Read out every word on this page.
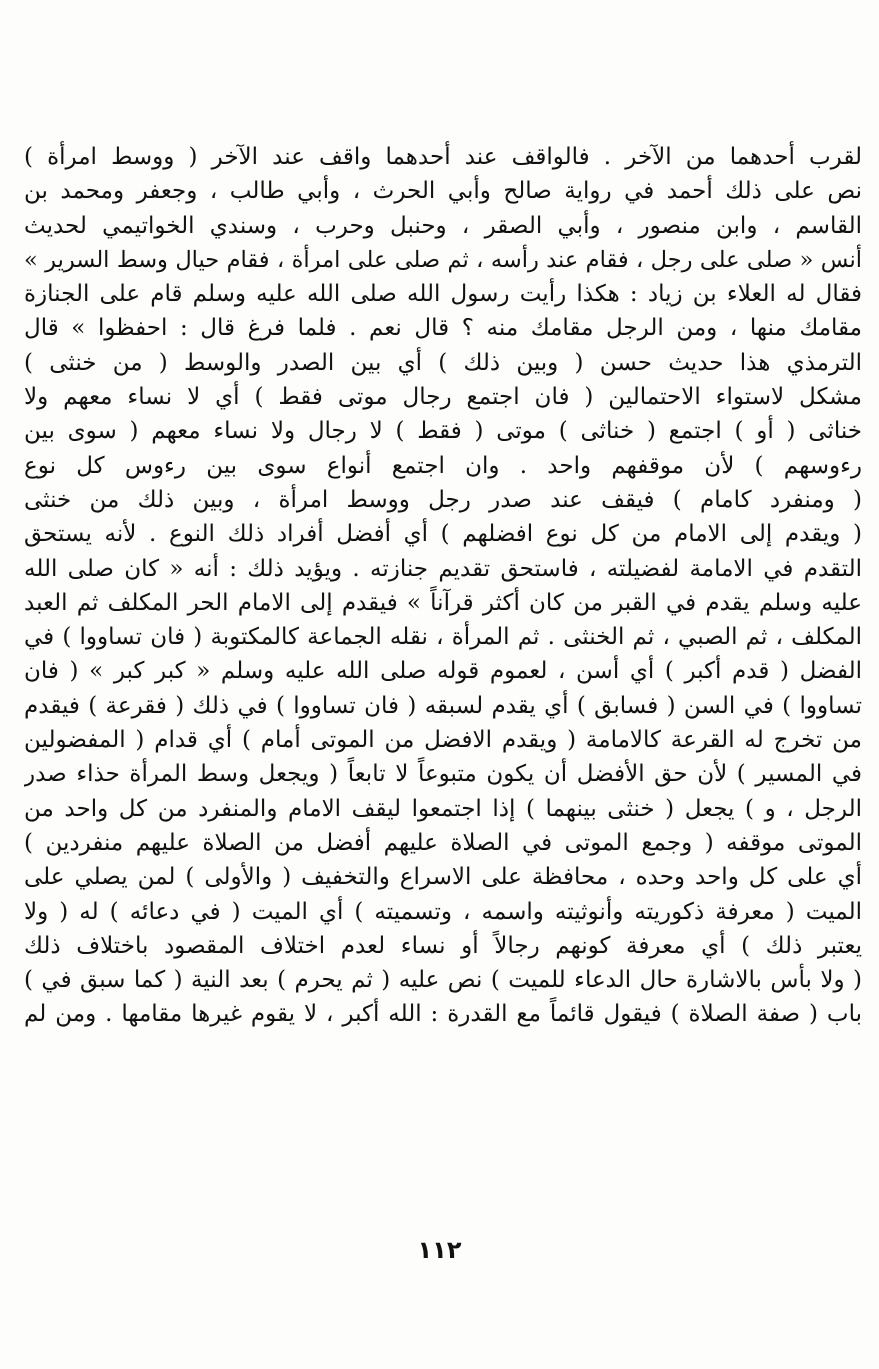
لقرب أحدهما من الآخر . فالواقف عند أحدهما واقف عند الآخر ( ووسط امرأة )
نص على ذلك أحمد في رواية صالح وأبي الحرث ، وأبي طالب ، وجعفر ومحمد بن
القاسم ، وابن منصور ، وأبي الصقر ، وحنبل وحرب ، وسندي الخواتيمي لحديث
أنس « صلى على رجل ، فقام عند رأسه ، ثم صلى على امرأة ، فقام حيال وسط السرير »
فقال له العلاء بن زياد : هكذا رأيت رسول الله صلى الله عليه وسلم قام على الجنازة
مقامك منها ، ومن الرجل مقامك منه ؟ قال نعم . فلما فرغ قال : احفظوا » قال
الترمذي هذا حديث حسن ( وبين ذلك ) أي بين الصدر والوسط ( من خنثى )
مشكل لاستواء الاحتمالين ( فان اجتمع رجال موتى فقط ) أي لا نساء معهم ولا
خناثى ( أو ) اجتمع ( خناثى ) موتى ( فقط ) لا رجال ولا نساء معهم ( سوى بين
رءوسهم ) لأن موقفهم واحد . وان اجتمع أنواع سوى بين رءوس كل نوع
( ومنفرد كامام ) فيقف عند صدر رجل ووسط امرأة ، وبين ذلك من خنثى
( ويقدم إلى الامام من كل نوع افضلهم ) أي أفضل أفراد ذلك النوع . لأنه يستحق
التقدم في الامامة لفضيلته ، فاستحق تقديم جنازته . ويؤيد ذلك : أنه « كان صلى الله
عليه وسلم يقدم في القبر من كان أكثر قرآناً » فيقدم إلى الامام الحر المكلف ثم العبد
المكلف ، ثم الصبي ، ثم الخنثى . ثم المرأة ، نقله الجماعة كالمكتوبة ( فان تساووا ) في
الفضل ( قدم أكبر ) أي أسن ، لعموم قوله صلى الله عليه وسلم « كبر كبر » ( فان
تساووا ) في السن ( فسابق ) أي يقدم لسبقه ( فان تساووا ) في ذلك ( فقرعة ) فيقدم
من تخرج له القرعة كالامامة ( ويقدم الافضل من الموتى أمام ) أي قدام ( المفضولين
في المسير ) لأن حق الأفضل أن يكون متبوعاً لا تابعاً ( ويجعل وسط المرأة حذاء صدر
الرجل ، و ) يجعل ( خنثى بينهما ) إذا اجتمعوا ليقف الامام والمنفرد من كل واحد من
الموتى موقفه ( وجمع الموتى في الصلاة عليهم أفضل من الصلاة عليهم منفردين )
أي على كل واحد وحده ، محافظة على الاسراع والتخفيف ( والأولى ) لمن يصلي على
الميت ( معرفة ذكوريته وأنوثيته واسمه ، وتسميته ) أي الميت ( في دعائه ) له ( ولا
يعتبر ذلك ) أي معرفة كونهم رجالاً أو نساء لعدم اختلاف المقصود باختلاف ذلك
( ولا بأس بالاشارة حال الدعاء للميت ) نص عليه ( ثم يحرم ) بعد النية ( كما سبق في )
باب ( صفة الصلاة ) فيقول قائماً مع القدرة : الله أكبر ، لا يقوم غيرها مقامها . ومن لم
١١٢
